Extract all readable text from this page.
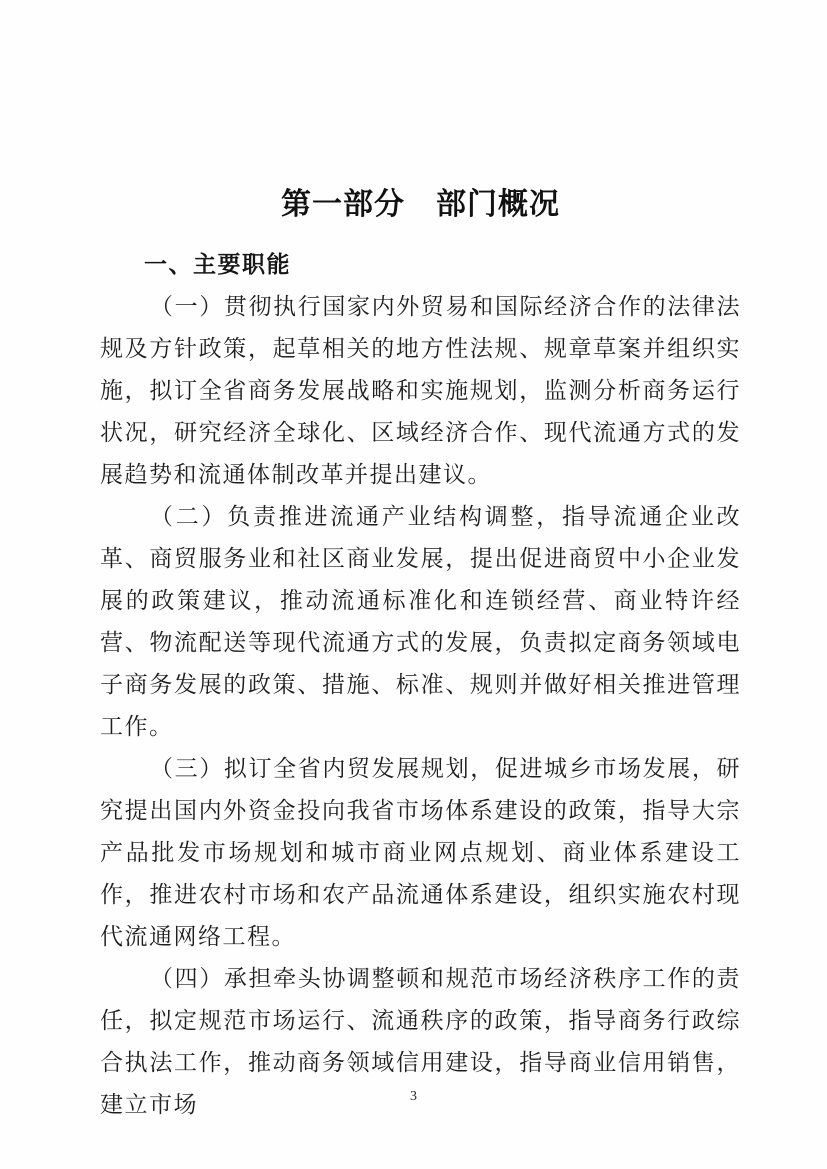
第一部分　部门概况
一、主要职能

（一）贯彻执行国家内外贸易和国际经济合作的法律法规及方针政策，起草相关的地方性法规、规章草案并组织实施，拟订全省商务发展战略和实施规划，监测分析商务运行状况，研究经济全球化、区域经济合作、现代流通方式的发展趋势和流通体制改革并提出建议。

（二）负责推进流通产业结构调整，指导流通企业改革、商贸服务业和社区商业发展，提出促进商贸中小企业发展的政策建议，推动流通标准化和连锁经营、商业特许经营、物流配送等现代流通方式的发展，负责拟定商务领域电子商务发展的政策、措施、标准、规则并做好相关推进管理工作。

（三）拟订全省内贸发展规划，促进城乡市场发展，研究提出国内外资金投向我省市场体系建设的政策，指导大宗产品批发市场规划和城市商业网点规划、商业体系建设工作，推进农村市场和农产品流通体系建设，组织实施农村现代流通网络工程。

（四）承担牵头协调整顿和规范市场经济秩序工作的责任，拟定规范市场运行、流通秩序的政策，指导商务行政综合执法工作，推动商务领域信用建设，指导商业信用销售，建立市场	3
